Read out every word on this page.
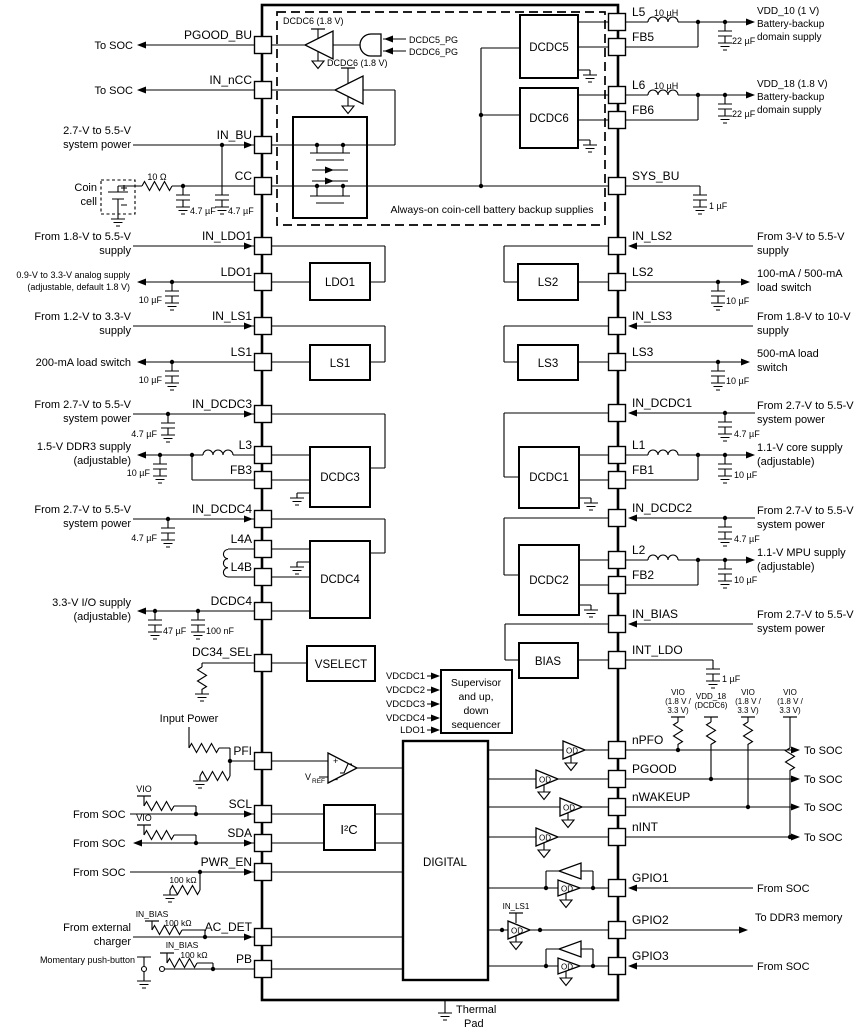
PGOOD_BU
IN_nCC
IN_BU
CC
IN_LDO1
LDO1
IN_LS1
LS1
IN_DCDC3
L3
FB3
IN_DCDC4
L4A
L4B
DCDC4
DC34_SEL
PFI
SCL
SDA
PWR_EN
AC_DET
PB
L5
FB5
L6
FB6
SYS_BU
IN_LS2
LS2
IN_LS3
LS3
IN_DCDC1
L1
FB1
IN_DCDC2
L2
FB2
IN_BIAS
INT_LDO
nPFO
PGOOD
nWAKEUP
nINT
GPIO1
GPIO2
GPIO3
DCDC5
DCDC6
LDO1
LS1
LS2
LS3
DCDC3	DCDC1
DCDC4	DCDC2
VSELECT	BIAS
I²C
DIGITAL
Supervisor
and up,
down
sequencer
VDCDC1
VDCDC2
VDCDC3
VDCDC4
LDO1
DCDC6 (1.8 V)
DCDC6 (1.8 V)
DCDC5_PG
DCDC6_PG
Always-on coin-cell battery backup supplies
+
–
V REF
OD
OD
OD
OD
OD
OD
OD
IN_LS1
Thermal
Pad
To SOC
To SOC
2.7-V to 5.5-V
system power
10 Ω
Coin
cell
4.7 µF 4.7 µF
From 1.8-V to 5.5-V
supply
0.9-V to 3.3-V analog supply
(adjustable, default 1.8 V)
10 µF
From 1.2-V to 3.3-V
supply
200-mA load switch
10 µF
From 2.7-V to 5.5-V
system power
4.7 µF
1.5-V DDR3 supply
(adjustable)
10 µF
From 2.7-V to 5.5-V
system power
4.7 µF
3.3-V I/O supply
(adjustable)
47 µF 100 nF
Input Power
VIO
VIO
From SOC
From SOC
From SOC
100 kΩ
IN_BIAS
100 kΩ
From external
charger	IN_BIAS
100 kΩ
Momentary push-button
10 µH
22 µF
VDD_10 (1 V)
Battery-backup
domain supply
10 µH
22 µF
VDD_18 (1.8 V)
Battery-backup
domain supply
1 µF
From 3-V to 5.5-V
supply
100-mA / 500-mA
load switch
10 µF
From 1.8-V to 10-V
supply
500-mA load
switch
10 µF
From 2.7-V to 5.5-V
system power
4.7 µF
1.1-V core supply
(adjustable)
10 µF
From 2.7-V to 5.5-V
system power
4.7 µF
1.1-V MPU supply
(adjustable)
10 µF
From 2.7-V to 5.5-V
system power
1 µF
VIO
(1.8 V /
3.3 V)
VDD_18
(DCDC6)
VIO
(1.8 V /
3.3 V)
VIO
(1.8 V /
3.3 V)
To SOC
To SOC
To SOC
To SOC
From SOC
To DDR3 memory
From SOC
